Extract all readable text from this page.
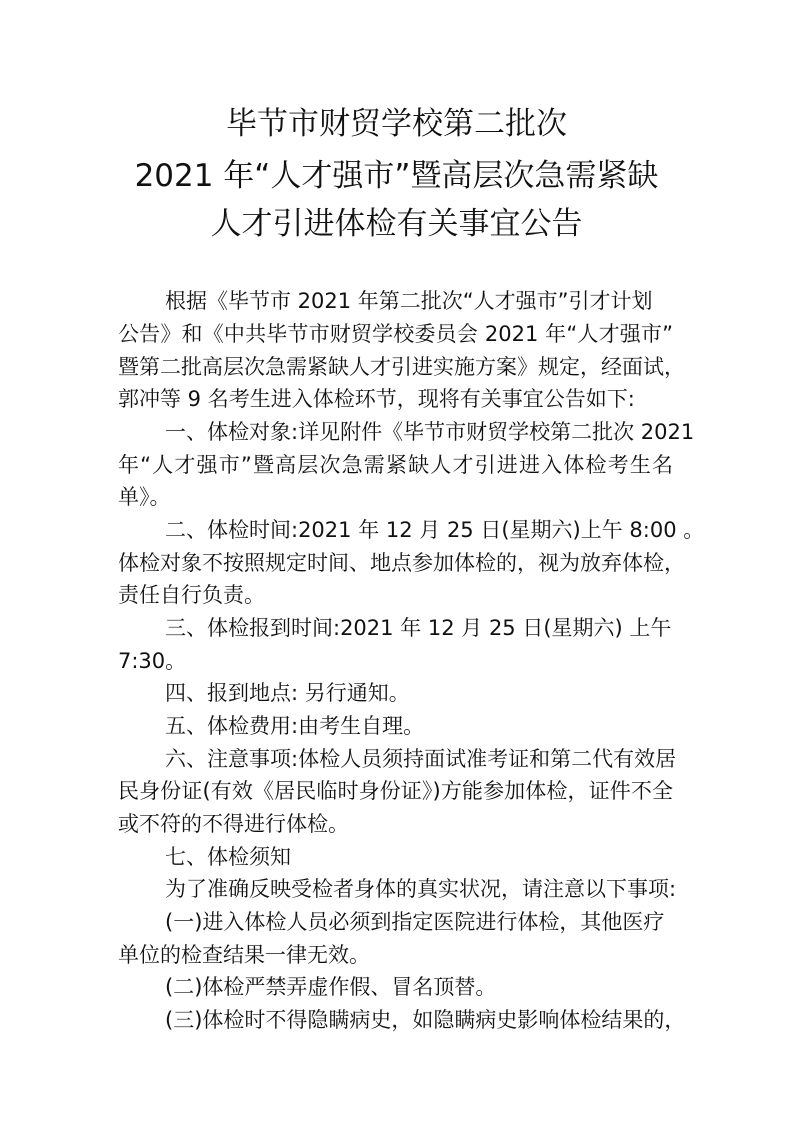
毕节市财贸学校第二批次
2021 年“人才强市”暨高层次急需紧缺
人才引进体检有关事宜公告
根据《毕节市 2021 年第二批次“人才强市”引才计划
公告》和《中共毕节市财贸学校委员会 2021 年“人才强市”
暨第二批高层次急需紧缺人才引进实施方案》规定，经面试，
郭冲等 9 名考生进入体检环节，现将有关事宜公告如下:
一、体检对象:详见附件《毕节市财贸学校第二批次 2021
年“人才强市”暨高层次急需紧缺人才引进进入体检考生名
单》。
二、体检时间:2021 年 12 月 25 日(星期六)上午 8:00 。
体检对象不按照规定时间、地点参加体检的，视为放弃体检，
责任自行负责。
三、体检报到时间:2021 年 12 月 25 日(星期六) 上午
7:30。
四、报到地点: 另行通知。
五、体检费用:由考生自理。
六、注意事项:体检人员须持面试准考证和第二代有效居
民身份证(有效《居民临时身份证》)方能参加体检，证件不全
或不符的不得进行体检。
七、体检须知
为了准确反映受检者身体的真实状况，请注意以下事项:
(一)进入体检人员必须到指定医院进行体检，其他医疗
单位的检查结果一律无效。
(二)体检严禁弄虚作假、冒名顶替。
(三)体检时不得隐瞒病史，如隐瞒病史影响体检结果的，
